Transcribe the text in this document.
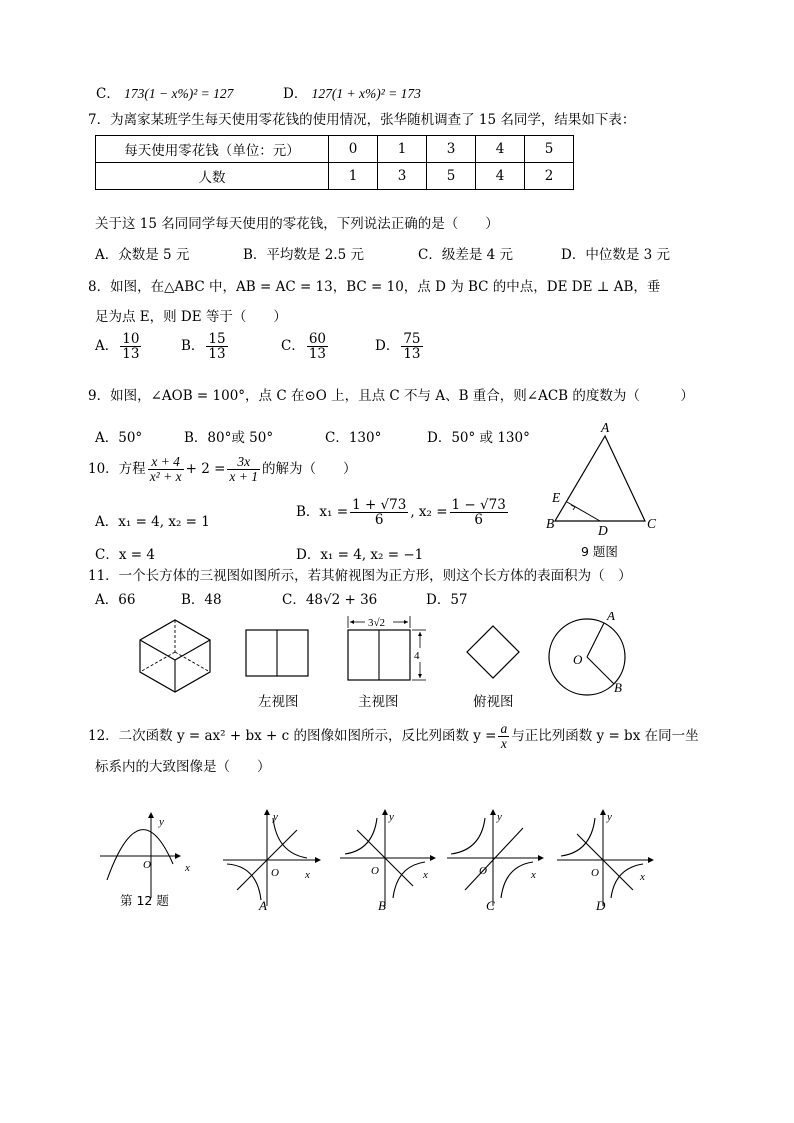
C． 173(1 − x%)² = 127	D． 127(1 + x%)² = 173
7．为离家某班学生每天使用零花钱的使用情况，张华随机调查了 15 名同学，结果如下表：
每天使用零花钱（单位：元）	0	1	3	4	5
人数	1	3	5	4	2
关于这 15 名同同学每天使用的零花钱，下列说法正确的是（　　）
A．众数是 5 元	B．平均数是 2.5 元	C．级差是 4 元	D．中位数是 3 元
8．如图，在△ABC 中，AB = AC = 13，BC = 10，点 D 为 BC 的中点，DE DE ⊥ AB，垂
足为点 E，则 DE 等于（　　）
A． $\frac{10}{13}$	B． $\frac{15}{13}$	C． $\frac{60}{13}$	D． $\frac{75}{13}$
9．如图，∠AOB = 100°，点 C 在⊙O 上，且点 C 不与 A、B 重合，则∠ACB 的度数为（　　　）
A．50°	B．80°或 50°	C．130°	D．50° 或 130°
A
B	C
D
E
9 题图
10．方程 $\frac{x + 4}{\text{x² + x}} + 2 = \frac{3x}{x + 1}$ 的解为（　　）
A．x₁ = 4, x₂ = 1
B．$x_1 = \frac{1 + √73}{6}$ , $x_2 = \frac{1 - √73}{6}$
C．x = 4	D．x₁ = 4, x₂ = −1
11．一个长方体的三视图如图所示，若其俯视图为正方形，则这个长方体的表面积为（　）
A．66	B．48	C．48√2 + 36	D．57
3√2
4
A
O
B
左视图	主视图	俯视图
12．二次函数 y = ax² + bx + c 的图像如图所示，反比列函数 $y = \frac{a}{x}$ 与正比列函数 y = bx 在同一坐
标系内的大致图像是（　　）
y
x
O
第 12 题
y
x
O
A
y
x
O
B
y
x
O
C
y
x
O
D
